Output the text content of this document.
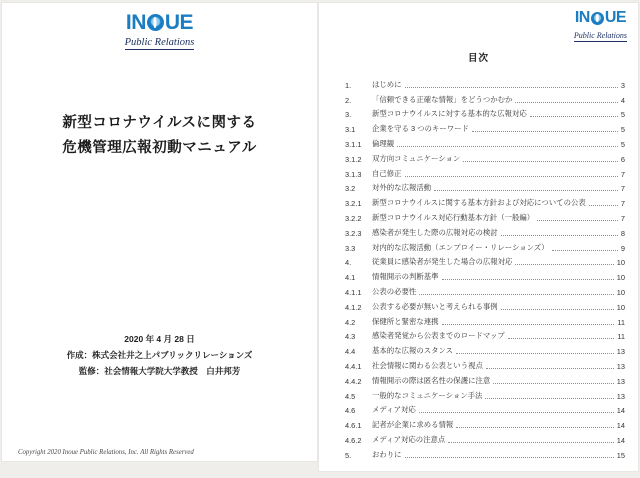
IN UE
Public Relations
新型コロナウイルスに関する
危機管理広報初動マニュアル
2020 年 4 月 28 日
作成：株式会社井之上パブリックリレーションズ
監修：社会情報大学院大学教授　白井邦芳
Copyright 2020 Inoue Public Relations, Inc. All Rights Reserved
IN UE
Public Relations
目次
1.	はじめに	3
2.	「信頼できる正確な情報」をどうつかむか	4
3.	新型コロナウイルスに対する基本的な広報対応	5
3.1	企業を守る 3 つのキーワード	5
3.1.1	倫理観	5
3.1.2	双方向コミュニケーション	6
3.1.3	自己修正	7
3.2	対外的な広報活動	7
3.2.1	新型コロナウイルスに関する基本方針および対応についての公表	7
3.2.2	新型コロナウイルス対応行動基本方針（一般編）	7
3.2.3	感染者が発生した際の広報対応の検討	8
3.3	対内的な広報活動（エンプロイー・リレーションズ）	9
4.	従業員に感染者が発生した場合の広報対応	10
4.1	情報開示の判断基準	10
4.1.1	公表の必要性	10
4.1.2	公表する必要が無いと考えられる事例	10
4.2	保健所と緊密な連携	11
4.3	感染者発覚から公表までのロードマップ	11
4.4	基本的な広報のスタンス	13
4.4.1	社会情報に関わる公表という視点	13
4.4.2	情報開示の際は匿名性の保護に注意	13
4.5	一般的なコミュニケーション手法	13
4.6	メディア対応	14
4.6.1	記者が企業に求める情報	14
4.6.2	メディア対応の注意点	14
5.	おわりに	15
